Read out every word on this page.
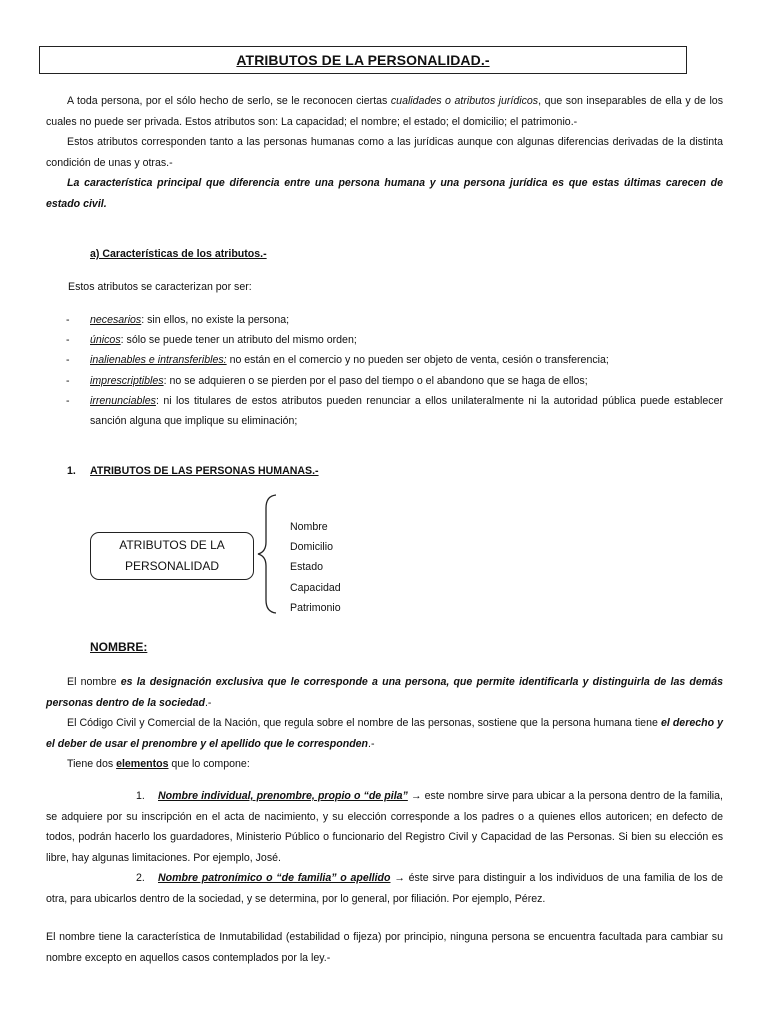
ATRIBUTOS DE LA PERSONALIDAD.-

A toda persona, por el sólo hecho de serlo, se le reconocen ciertas cualidades o atributos jurídicos, que son inseparables de ella y de los cuales no puede ser privada. Estos atributos son: La capacidad; el nombre; el estado; el domicilio; el patrimonio.-

Estos atributos corresponden tanto a las personas humanas como a las jurídicas aunque con algunas diferencias derivadas de la distinta condición de unas y otras.-

La característica principal que diferencia entre una persona humana y una persona jurídica es que estas últimas carecen de estado civil.

a) Características de los atributos.-
Estos atributos se caracterizan por ser:
- necesarios: sin ellos, no existe la persona;
- únicos: sólo se puede tener un atributo del mismo orden;
- inalienables e intransferibles: no están en el comercio y no pueden ser objeto de venta, cesión o transferencia;
- imprescriptibles: no se adquieren o se pierden por el paso del tiempo o el abandono que se haga de ellos;
- irrenunciables: ni los titulares de estos atributos pueden renunciar a ellos unilateralmente ni la autoridad pública puede establecer sanción alguna que implique su eliminación;
1. ATRIBUTOS DE LAS PERSONAS HUMANAS.-
ATRIBUTOS DE LA
PERSONALIDAD
Nombre
Domicilio
Estado
Capacidad
Patrimonio
NOMBRE:

El nombre es la designación exclusiva que le corresponde a una persona, que permite identificarla y distinguirla de las demás personas dentro de la sociedad.-

El Código Civil y Comercial de la Nación, que regula sobre el nombre de las personas, sostiene que la persona humana tiene el derecho y el deber de usar el prenombre y el apellido que le corresponden.-

Tiene dos elementos que lo compone:

1. Nombre individual, prenombre, propio o “de pila” → este nombre sirve para ubicar a la persona dentro de la familia, se adquiere por su inscripción en el acta de nacimiento, y su elección corresponde a los padres o a quienes ellos autoricen; en defecto de todos, podrán hacerlo los guardadores, Ministerio Público o funcionario del Registro Civil y Capacidad de las Personas. Si bien su elección es libre, hay algunas limitaciones. Por ejemplo, José.

2. Nombre patronímico o “de familia” o apellido → éste sirve para distinguir a los individuos de una familia de los de otra, para ubicarlos dentro de la sociedad, y se determina, por lo general, por filiación. Por ejemplo, Pérez.

El nombre tiene la característica de Inmutabilidad (estabilidad o fijeza) por principio, ninguna persona se encuentra facultada para cambiar su nombre excepto en aquellos casos contemplados por la ley.-
